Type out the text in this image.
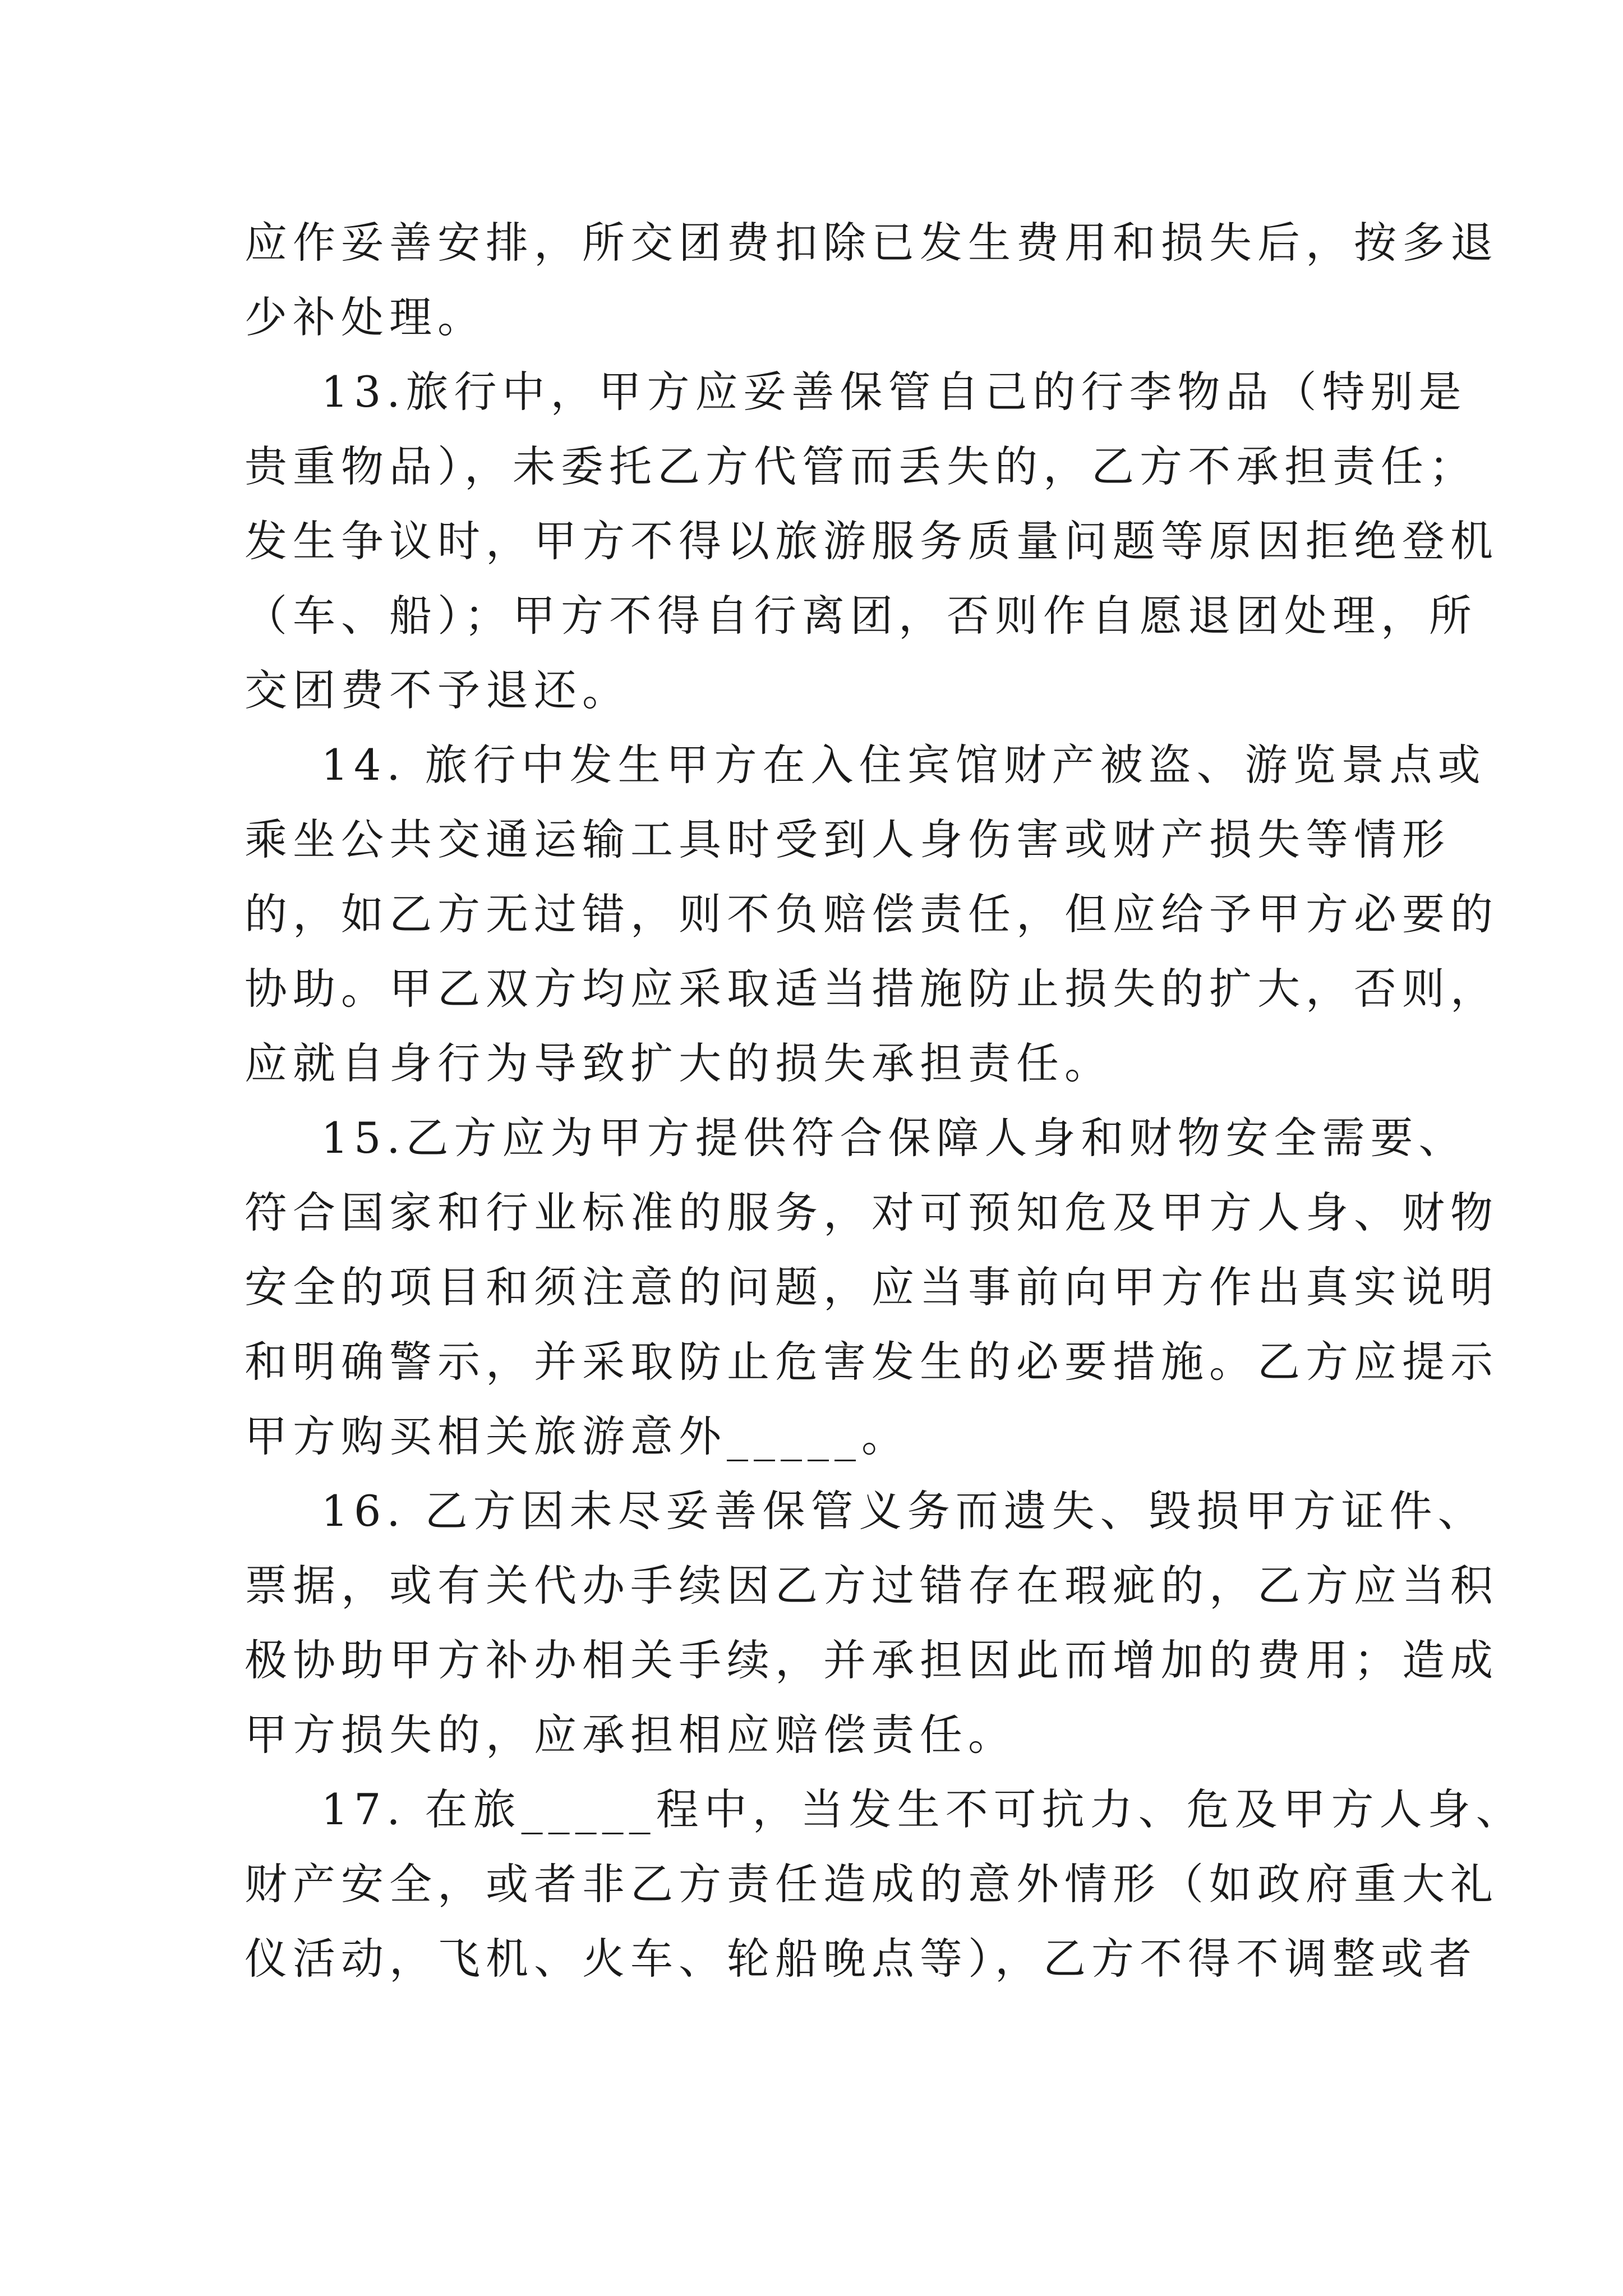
应作妥善安排，所交团费扣除已发生费用和损失后，按多退
少补处理。
13.旅行中，甲方应妥善保管自己的行李物品（特别是
贵重物品），未委托乙方代管而丢失的，乙方不承担责任；
发生争议时，甲方不得以旅游服务质量问题等原因拒绝登机
（车、船）；甲方不得自行离团，否则作自愿退团处理，所
交团费不予退还。
14. 旅行中发生甲方在入住宾馆财产被盗、游览景点或
乘坐公共交通运输工具时受到人身伤害或财产损失等情形
的，如乙方无过错，则不负赔偿责任，但应给予甲方必要的
协助。甲乙双方均应采取适当措施防止损失的扩大，否则，
应就自身行为导致扩大的损失承担责任。
15.乙方应为甲方提供符合保障人身和财物安全需要、
符合国家和行业标准的服务，对可预知危及甲方人身、财物
安全的项目和须注意的问题，应当事前向甲方作出真实说明
和明确警示，并采取防止危害发生的必要措施。乙方应提示
甲方购买相关旅游意外_____。
16. 乙方因未尽妥善保管义务而遗失、毁损甲方证件、
票据，或有关代办手续因乙方过错存在瑕疵的，乙方应当积
极协助甲方补办相关手续，并承担因此而增加的费用；造成
甲方损失的，应承担相应赔偿责任。
17. 在旅_____程中，当发生不可抗力、危及甲方人身、
财产安全，或者非乙方责任造成的意外情形（如政府重大礼
仪活动，飞机、火车、轮船晚点等），乙方不得不调整或者
